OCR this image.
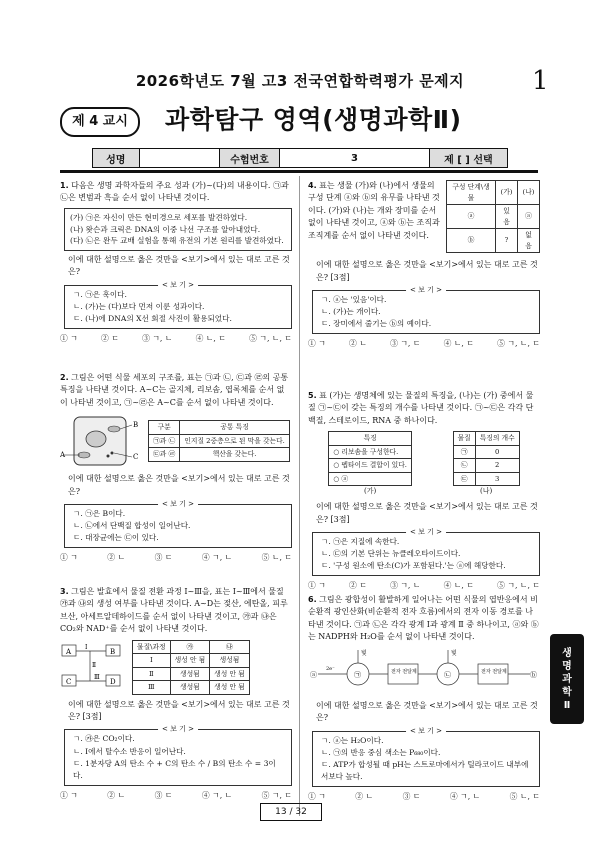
2026학년도 7월 고3 전국연합학력평가 문제지	1
제 4 교시	과학탐구 영역(생명과학Ⅱ)
성명	수험번호	3	제 [ ] 선택
1. 다음은 생명 과학자들의 주요 성과 (가)~(다)의 내용이다. ㉠과 ㉡은 변범과 흑을 순서 없이 나타낸 것이다.
(가) ㉠은 자신이 만든 현미경으로 세포를 발견하였다.
(나) 왓슨과 크릭은 DNA의 이중 나선 구조를 알아내었다.
(다) ㉡은 완두 교배 실험을 통해 유전의 기본 원리를 발견하였다.
이에 대한 설명으로 옳은 것만을 <보기>에서 있는 대로 고른 것은?
< 보 기 >
ㄱ. ㉠은 훅이다.
ㄴ. (가)는 (다)보다 먼저 이룬 성과이다.
ㄷ. (나)에 DNA의 X선 회절 사진이 활용되었다.
① ㄱ	② ㄷ	③ ㄱ, ㄴ	④ ㄴ, ㄷ	⑤ ㄱ, ㄴ, ㄷ
2. 그림은 어떤 식물 세포의 구조를, 표는 ㉠과 ㉡, ㉢과 ㉣의 공통 특징을 나타낸 것이다. A~C는 골지체, 리보솜, 엽록체를 순서 없이 나타낸 것이고, ㉠~㉣은 A~C를 순서 없이 나타낸 것이다.
A
B
C
구분	공통 특징
㉠과 ㉡	인지질 2중층으로 된 막을 갖는다.
㉢과 ㉣	핵산을 갖는다.
이에 대한 설명으로 옳은 것만을 <보기>에서 있는 대로 고른 것은?
< 보 기 >
ㄱ. ㉠은 B이다.
ㄴ. ㉡에서 단백질 합성이 일어난다.
ㄷ. 대장균에는 ㉢이 있다.
① ㄱ	② ㄴ	③ ㄷ	④ ㄱ, ㄴ	⑤ ㄴ, ㄷ
3. 그림은 발효에서 물질 전환 과정 Ⅰ~Ⅲ을, 표는 Ⅰ~Ⅲ에서 물질 ㉮과 ㉯의 생성 여부를 나타낸 것이다. A~D는 젖산, 에탄올, 피루브산, 아세트알데하이드를 순서 없이 나타낸 것이고, ㉮과 ㉯은 CO₂와 NAD⁺를 순서 없이 나타낸 것이다.
A	B
C	D
Ⅰ
Ⅱ
Ⅲ
물질\과정	㉮	㉯
Ⅰ	생성 안 됨	생성됨
Ⅱ	생성됨	생성 안 됨
Ⅲ	생성됨	생성 안 됨
이에 대한 설명으로 옳은 것만을 <보기>에서 있는 대로 고른 것은? [3점]
< 보 기 >
ㄱ. ㉮은 CO₂이다.
ㄴ. Ⅰ에서 탈수소 반응이 일어난다.
ㄷ. 1분자당 A의 탄소 수 + C의 탄소 수 / B의 탄소 수 = 3이다.
① ㄱ	② ㄴ	③ ㄷ	④ ㄱ, ㄴ	⑤ ㄱ, ㄷ
4. 표는 생물 (가)와 (나)에서 생물의 구성 단계 ⓐ와 ⓑ의 유무를 나타낸 것이다. (가)와 (나)는 개와 장미를 순서 없이 나타낸 것이고, ⓐ와 ⓑ는 조직과 조직계를 순서 없이 나타낸 것이다.
구성 단계\생물	(가)	(나)
ⓐ	있음	ⓐ
ⓑ	?	없음
이에 대한 설명으로 옳은 것만을 <보기>에서 있는 대로 고른 것은? [3점]
< 보 기 >
ㄱ. ⓐ는 '있음'이다.
ㄴ. (가)는 개이다.
ㄷ. 장미에서 줄기는 ⓑ의 예이다.
① ㄱ	② ㄴ	③ ㄱ, ㄷ	④ ㄴ, ㄷ	⑤ ㄱ, ㄴ, ㄷ
5. 표 (가)는 생명체에 있는 물질의 특징을, (나)는 (가) 중에서 물질 ㉠~㉢이 갖는 특징의 개수를 나타낸 것이다. ㉠~㉢은 각각 단백질, 스테로이드, RNA 중 하나이다.
특징
○ 리보솜을 구성한다.
○ 펩타이드 결합이 있다.
○ ⓐ
(가)
물질	특징의 개수
㉠	0
㉡	2
㉢	3
(나)
이에 대한 설명으로 옳은 것만을 <보기>에서 있는 대로 고른 것은? [3점]
< 보 기 >
ㄱ. ㉠은 지질에 속한다.
ㄴ. ㉢의 기본 단위는 뉴클레오타이드이다.
ㄷ. '구성 원소에 탄소(C)가 포함된다.'는 ⓐ에 해당한다.
① ㄱ	② ㄷ	③ ㄱ, ㄴ	④ ㄴ, ㄷ	⑤ ㄱ, ㄴ, ㄷ
6. 그림은 광합성이 활발하게 일어나는 어떤 식물의 엽반응에서 비순환적 광인산화(비순환적 전자 흐름)에서의 전자 이동 경로를 나타낸 것이다. ㉠과 ㉡은 각각 광계 Ⅰ과 광계 Ⅱ 중 하나이고, ⓐ와 ⓑ는 NADPH와 H₂O를 순서 없이 나타낸 것이다.
빛	빛
ⓐ	ⓑ
전자 전달계	전자 전달계
㉠	㉡
2e⁻
이에 대한 설명으로 옳은 것만을 <보기>에서 있는 대로 고른 것은?
< 보 기 >
ㄱ. ⓐ는 H₂O이다.
ㄴ. ㉠의 반응 중심 색소는 P₆₈₀이다.
ㄷ. ATP가 합성될 때 pH는 스트로마에서가 틸라코이드 내부에서보다 높다.
① ㄱ	② ㄴ	③ ㄷ	④ ㄱ, ㄴ	⑤ ㄴ, ㄷ
생
명
과
학
Ⅱ
13 / 32
